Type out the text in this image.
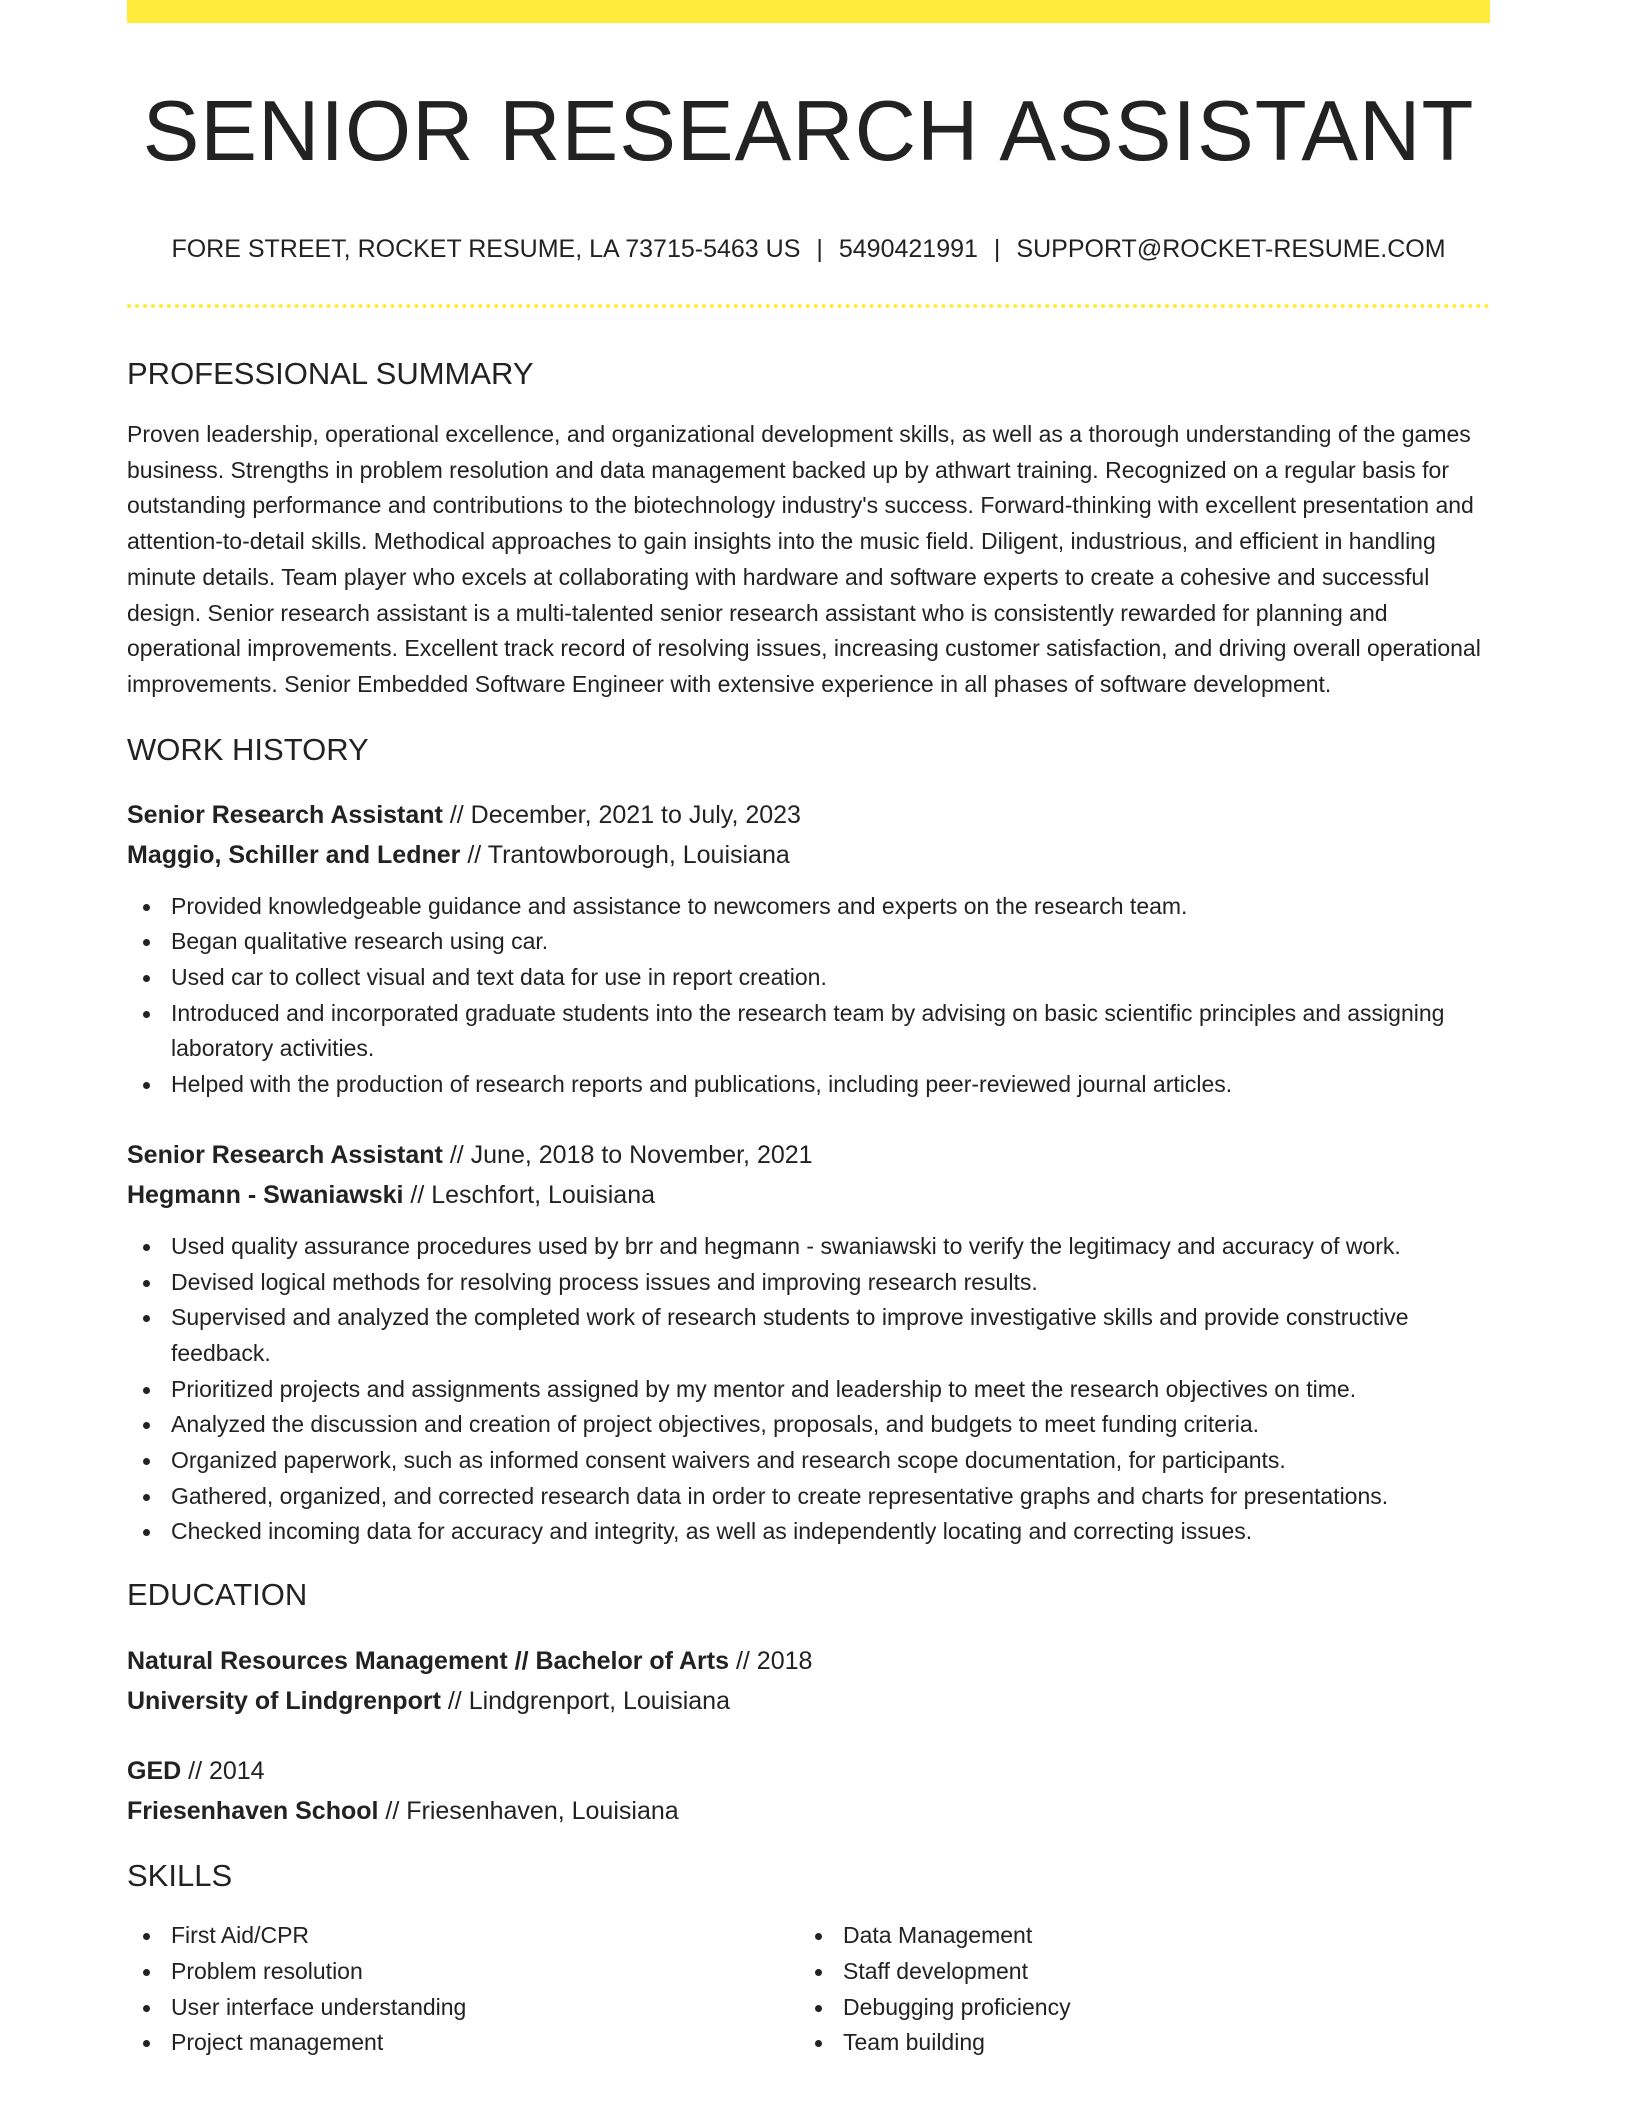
SENIOR RESEARCH ASSISTANT
FORE STREET, ROCKET RESUME, LA 73715-5463 US | 5490421991 | SUPPORT@ROCKET-RESUME.COM
PROFESSIONAL SUMMARY

Proven leadership, operational excellence, and organizational development skills, as well as a thorough understanding of the games business. Strengths in problem resolution and data management backed up by athwart training. Recognized on a regular basis for outstanding performance and contributions to the biotechnology industry's success. Forward-thinking with excellent presentation and attention-to-detail skills. Methodical approaches to gain insights into the music field. Diligent, industrious, and efficient in handling minute details. Team player who excels at collaborating with hardware and software experts to create a cohesive and successful design. Senior research assistant is a multi-talented senior research assistant who is consistently rewarded for planning and operational improvements. Excellent track record of resolving issues, increasing customer satisfaction, and driving overall operational improvements. Senior Embedded Software Engineer with extensive experience in all phases of software development.

WORK HISTORY
Senior Research Assistant // December, 2021 to July, 2023
Maggio, Schiller and Ledner // Trantowborough, Louisiana
Provided knowledgeable guidance and assistance to newcomers and experts on the research team.
Began qualitative research using car.
Used car to collect visual and text data for use in report creation.
Introduced and incorporated graduate students into the research team by advising on basic scientific principles and assigning laboratory activities.
Helped with the production of research reports and publications, including peer-reviewed journal articles.
Senior Research Assistant // June, 2018 to November, 2021
Hegmann - Swaniawski // Leschfort, Louisiana
Used quality assurance procedures used by brr and hegmann - swaniawski to verify the legitimacy and accuracy of work.
Devised logical methods for resolving process issues and improving research results.
Supervised and analyzed the completed work of research students to improve investigative skills and provide constructive feedback.
Prioritized projects and assignments assigned by my mentor and leadership to meet the research objectives on time.
Analyzed the discussion and creation of project objectives, proposals, and budgets to meet funding criteria.
Organized paperwork, such as informed consent waivers and research scope documentation, for participants.
Gathered, organized, and corrected research data in order to create representative graphs and charts for presentations.
Checked incoming data for accuracy and integrity, as well as independently locating and correcting issues.
EDUCATION
Natural Resources Management // Bachelor of Arts // 2018
University of Lindgrenport // Lindgrenport, Louisiana
GED // 2014
Friesenhaven School // Friesenhaven, Louisiana
SKILLS
First Aid/CPR
Problem resolution
User interface understanding
Project management
Data Management
Staff development
Debugging proficiency
Team building
